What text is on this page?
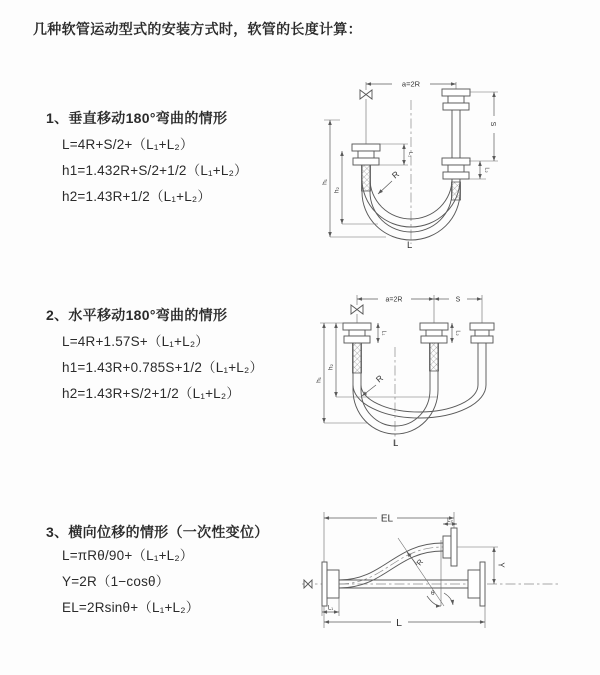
几种软管运动型式的安装方式时，软管的长度计算：
1、垂直移动180°弯曲的情形
L=4R+S/2+（L₁+L₂）
h1=1.432R+S/2+1/2（L₁+L₂）
h2=1.43R+1/2（L₁+L₂）
2、水平移动180°弯曲的情形
L=4R+1.57S+（L₁+L₂）
h1=1.43R+0.785S+1/2（L₁+L₂）
h2=1.43R+S/2+1/2（L₁+L₂）
3、横向位移的情形（一次性变位）
L=πRθ/90+（L₁+L₂）
Y=2R（1−cosθ）
EL=2Rsinθ+（L₁+L₂）
a=2R
S
L₂
L₁
h₁
h₂
R
L
a=2R	S
L₁	L₂
h₁
h₂
R
L
θ
EL	L₂
Y
R
L₁
L
